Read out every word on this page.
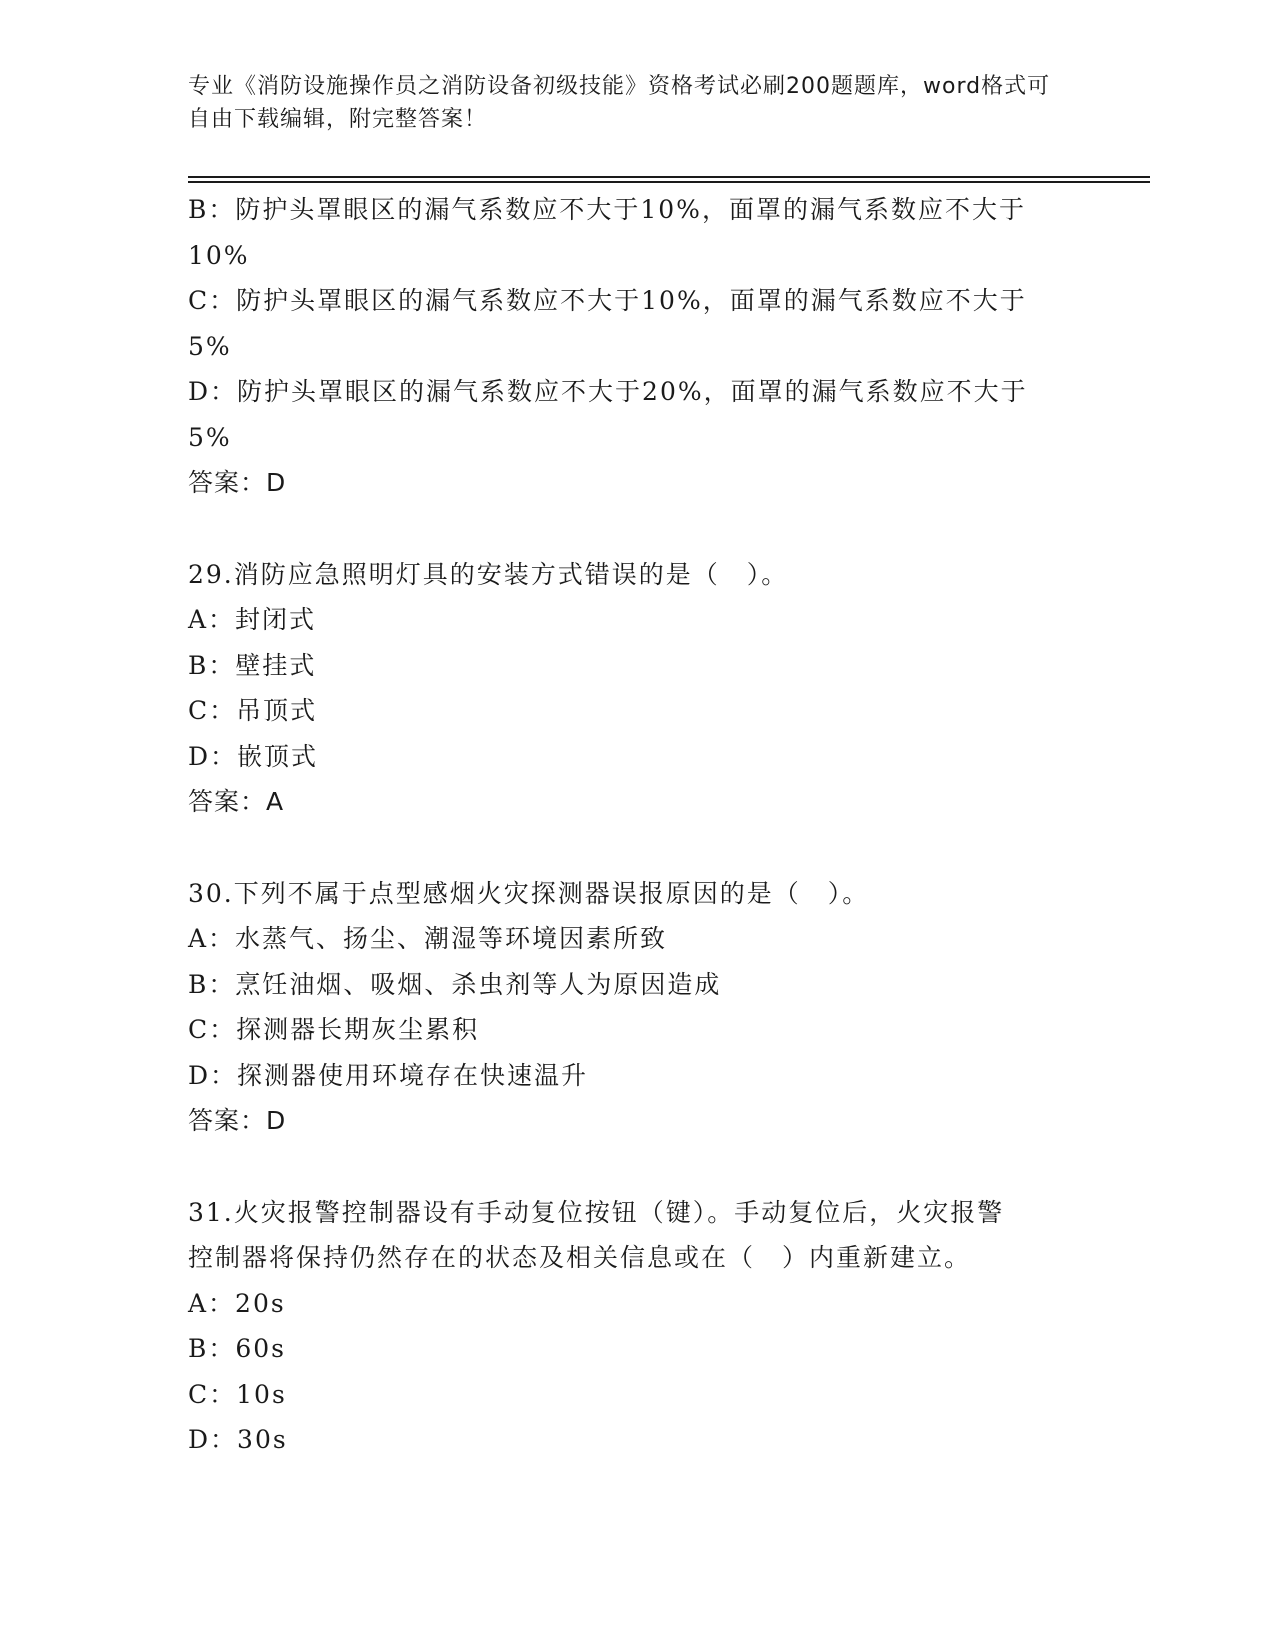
专业《消防设施操作员之消防设备初级技能》资格考试必刷200题题库，word格式可自由下载编辑，附完整答案！
B：防护头罩眼区的漏气系数应不大于10%，面罩的漏气系数应不大于
10%
C：防护头罩眼区的漏气系数应不大于10%，面罩的漏气系数应不大于
5%
D：防护头罩眼区的漏气系数应不大于20%，面罩的漏气系数应不大于
5%
答案：D
29.消防应急照明灯具的安装方式错误的是（　）。
A：封闭式
B：壁挂式
C：吊顶式
D：嵌顶式
答案：A
30.下列不属于点型感烟火灾探测器误报原因的是（　）。
A：水蒸气、扬尘、潮湿等环境因素所致
B：烹饪油烟、吸烟、杀虫剂等人为原因造成
C：探测器长期灰尘累积
D：探测器使用环境存在快速温升
答案：D
31.火灾报警控制器设有手动复位按钮（键）。手动复位后，火灾报警
控制器将保持仍然存在的状态及相关信息或在（　）内重新建立。
A：20s
B：60s
C：10s
D：30s
